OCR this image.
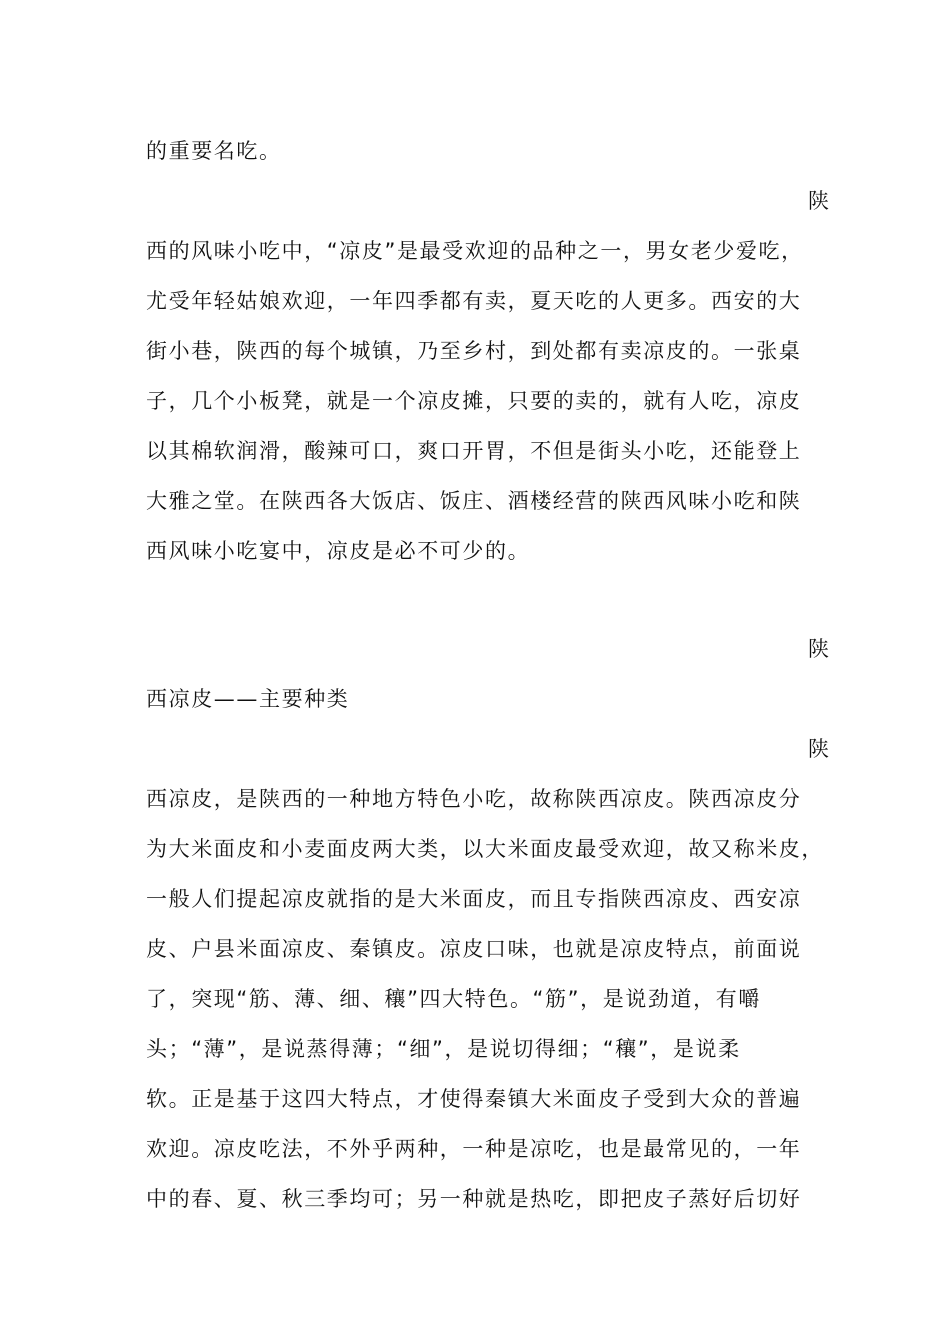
的重要名吃。
陕
西的风味小吃中，“凉皮”是最受欢迎的品种之一，男女老少爱吃，
尤受年轻姑娘欢迎，一年四季都有卖，夏天吃的人更多。西安的大
街小巷，陕西的每个城镇，乃至乡村，到处都有卖凉皮的。一张桌
子，几个小板凳，就是一个凉皮摊，只要的卖的，就有人吃，凉皮
以其棉软润滑，酸辣可口，爽口开胃，不但是街头小吃，还能登上
大雅之堂。在陕西各大饭店、饭庄、酒楼经营的陕西风味小吃和陕
西风味小吃宴中，凉皮是必不可少的。
陕
西凉皮——主要种类
陕
西凉皮，是陕西的一种地方特色小吃，故称陕西凉皮。陕西凉皮分
为大米面皮和小麦面皮两大类，以大米面皮最受欢迎，故又称米皮，
一般人们提起凉皮就指的是大米面皮，而且专指陕西凉皮、西安凉
皮、户县米面凉皮、秦镇皮。凉皮口味，也就是凉皮特点，前面说
了，突现“筋、薄、细、穰”四大特色。“筋”，是说劲道，有嚼
头；“薄”，是说蒸得薄；“细”，是说切得细；“穰”，是说柔
软。正是基于这四大特点，才使得秦镇大米面皮子受到大众的普遍
欢迎。凉皮吃法，不外乎两种，一种是凉吃，也是最常见的，一年
中的春、夏、秋三季均可；另一种就是热吃，即把皮子蒸好后切好
